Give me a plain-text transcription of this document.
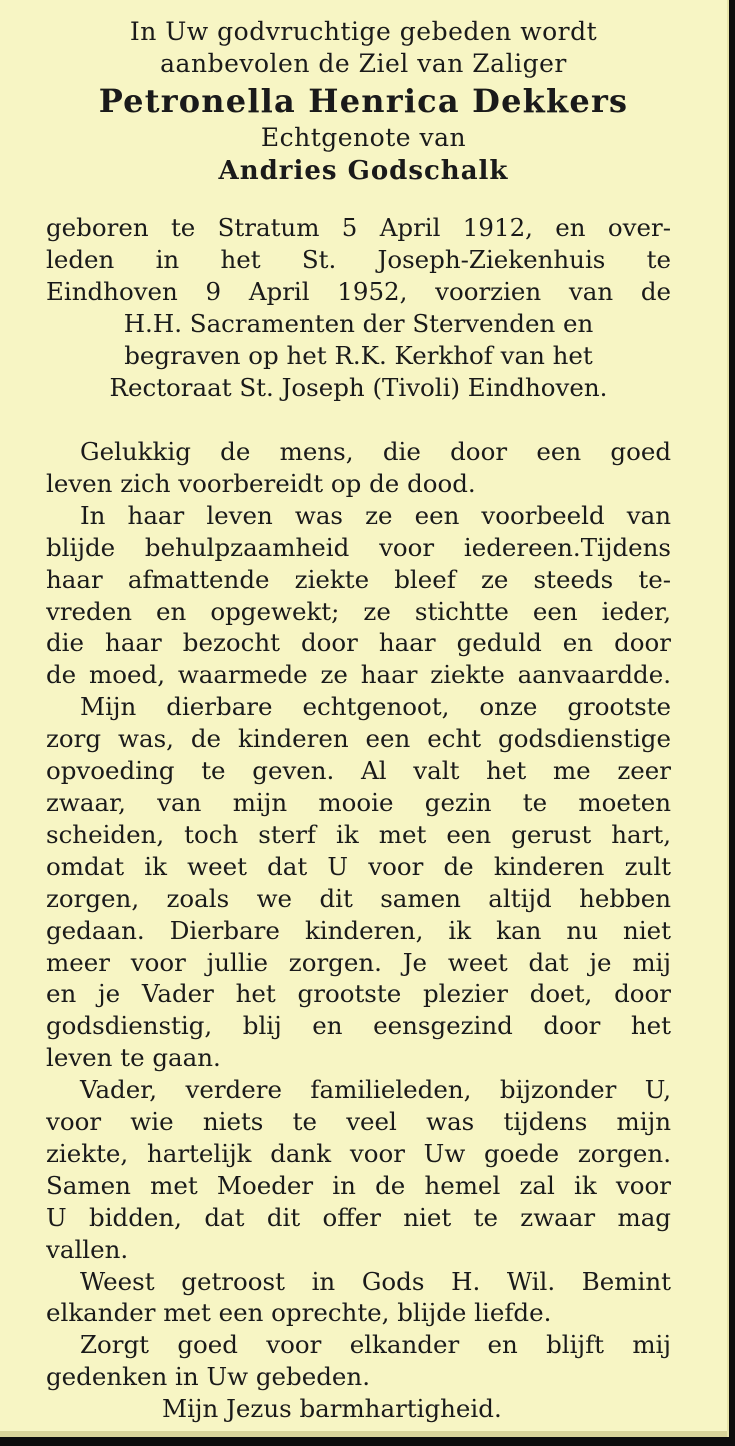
In Uw godvruchtige gebeden wordt
aanbevolen de Ziel van Zaliger
Petronella Henrica Dekkers
Echtgenote van
Andries Godschalk
geboren te Stratum 5 April 1912, en over-
leden in het St. Joseph-Ziekenhuis te
Eindhoven 9 April 1952, voorzien van de
H.H. Sacramenten der Stervenden en
begraven op het R.K. Kerkhof van het
Rectoraat St. Joseph (Tivoli) Eindhoven.
Gelukkig de mens, die door een goed
leven zich voorbereidt op de dood.
In haar leven was ze een voorbeeld van
blijde behulpzaamheid voor iedereen.Tijdens
haar afmattende ziekte bleef ze steeds te-
vreden en opgewekt; ze stichtte een ieder,
die haar bezocht door haar geduld en door
de moed, waarmede ze haar ziekte aanvaardde.
Mijn dierbare echtgenoot, onze grootste
zorg was, de kinderen een echt godsdienstige
opvoeding te geven. Al valt het me zeer
zwaar, van mijn mooie gezin te moeten
scheiden, toch sterf ik met een gerust hart,
omdat ik weet dat U voor de kinderen zult
zorgen, zoals we dit samen altijd hebben
gedaan. Dierbare kinderen, ik kan nu niet
meer voor jullie zorgen. Je weet dat je mij
en je Vader het grootste plezier doet, door
godsdienstig, blij en eensgezind door het
leven te gaan.
Vader, verdere familieleden, bijzonder U,
voor wie niets te veel was tijdens mijn
ziekte, hartelijk dank voor Uw goede zorgen.
Samen met Moeder in de hemel zal ik voor
U bidden, dat dit offer niet te zwaar mag
vallen.
Weest getroost in Gods H. Wil. Bemint
elkander met een oprechte, blijde liefde.
Zorgt goed voor elkander en blijft mij
gedenken in Uw gebeden.
Mijn Jezus barmhartigheid.
